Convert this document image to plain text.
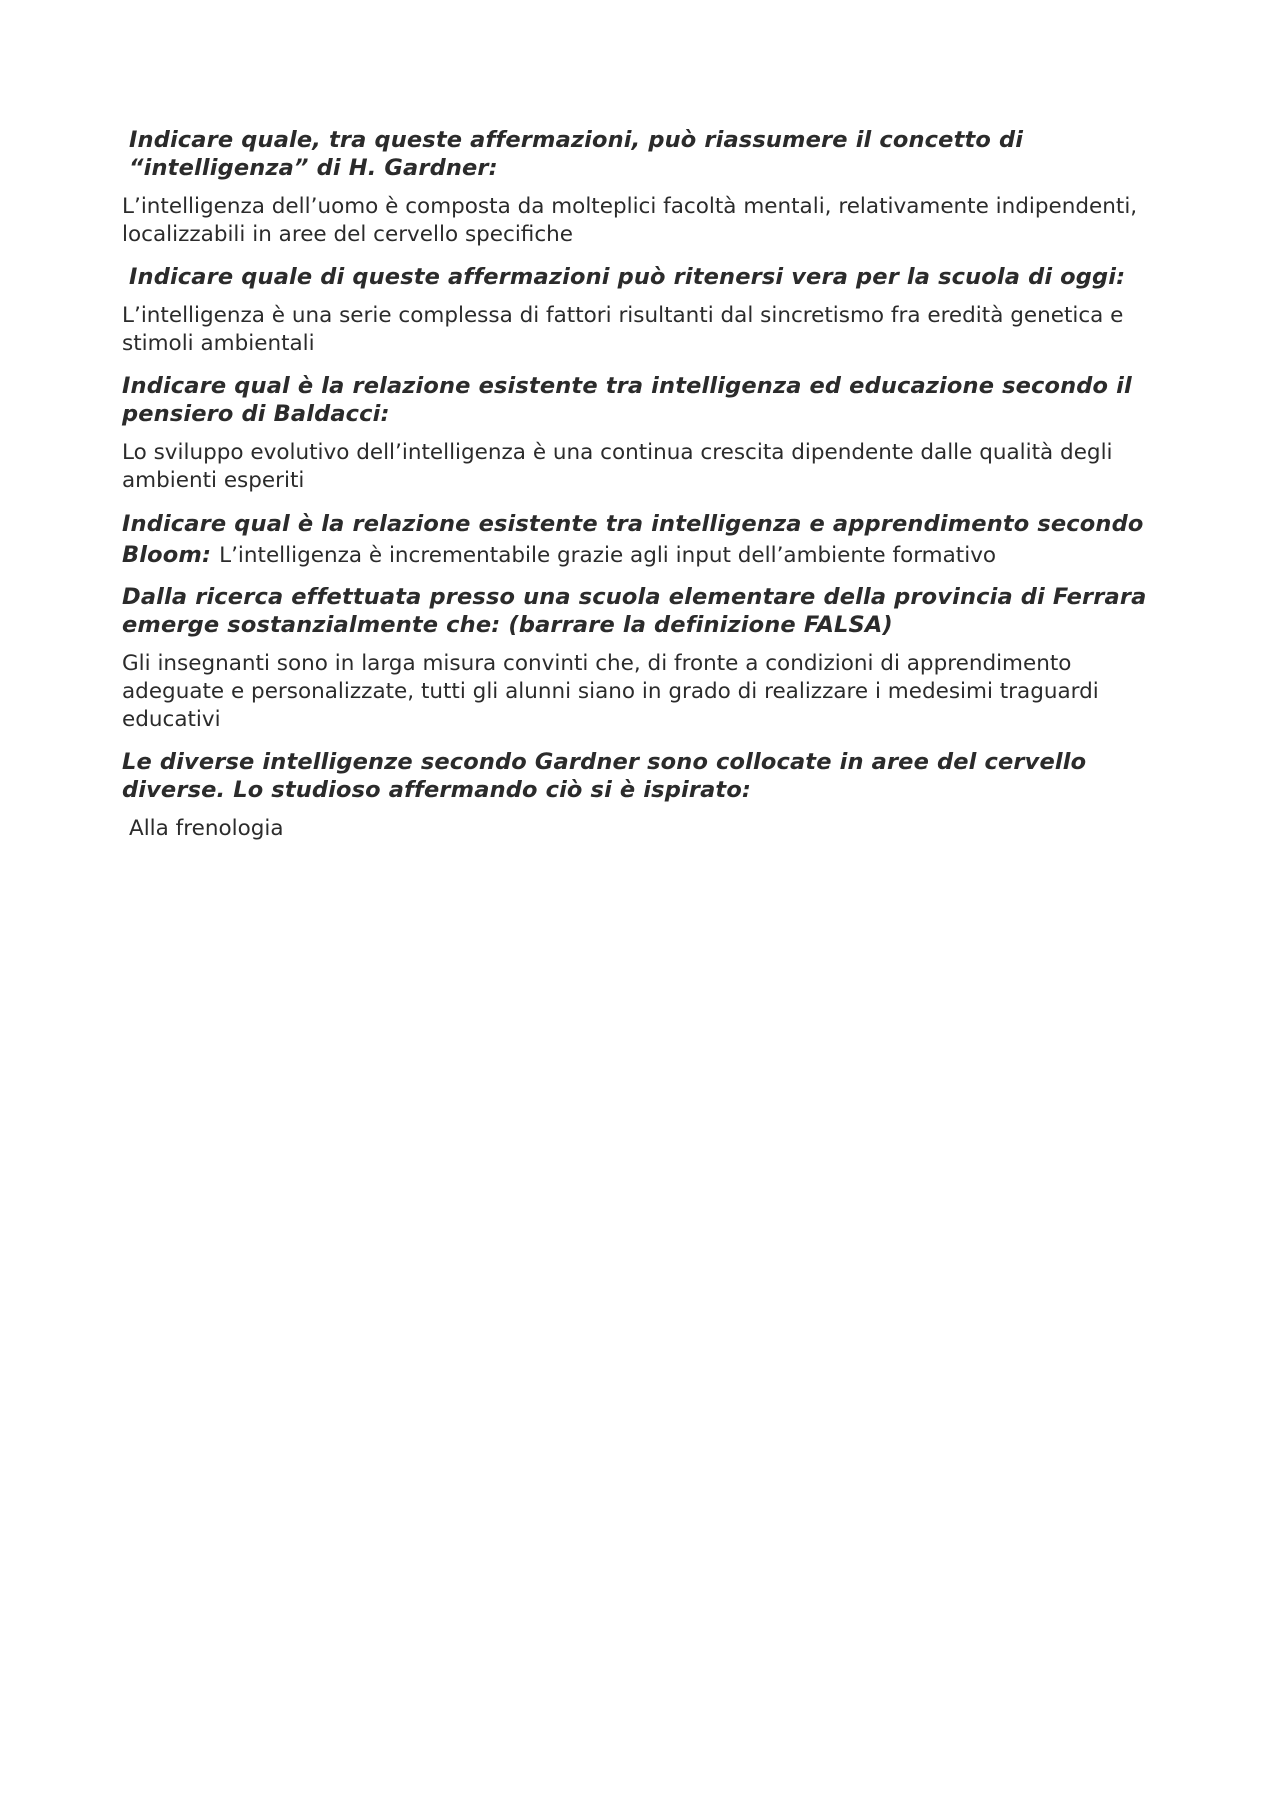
Indicare quale, tra queste affermazioni, può riassumere il concetto di “intelligenza” di H. Gardner:

L’intelligenza dell’uomo è composta da molteplici facoltà mentali, relativamente indipendenti, localizzabili in aree del cervello specifiche

Indicare quale di queste affermazioni può ritenersi vera per la scuola di oggi:

L’intelligenza è una serie complessa di fattori risultanti dal sincretismo fra eredità genetica e stimoli ambientali

Indicare qual è la relazione esistente tra intelligenza ed educazione secondo il pensiero di Baldacci:

Lo sviluppo evolutivo dell’intelligenza è una continua crescita dipendente dalle qualità degli ambienti esperiti

Indicare qual è la relazione esistente tra intelligenza e apprendimento secondo Bloom: L’intelligenza è incrementabile grazie agli input dell’ambiente formativo

Dalla ricerca effettuata presso una scuola elementare della provincia di Ferrara emerge sostanzialmente che: (barrare la definizione FALSA)

Gli insegnanti sono in larga misura convinti che, di fronte a condizioni di apprendimento adeguate e personalizzate, tutti gli alunni siano in grado di realizzare i medesimi traguardi educativi

Le diverse intelligenze secondo Gardner sono collocate in aree del cervello diverse. Lo studioso affermando ciò si è ispirato:

Alla frenologia
